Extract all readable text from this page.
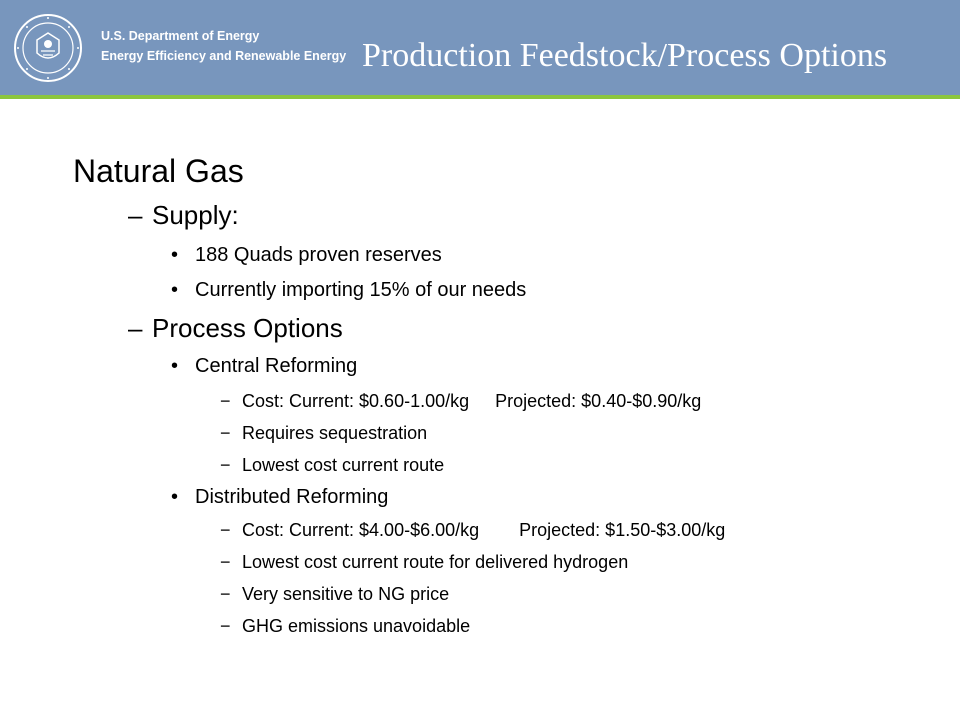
U.S. Department of Energy
Energy Efficiency and Renewable Energy Production Feedstock/Process Options
Natural Gas
– Supply:
• 188 Quads proven reserves
• Currently importing 15% of our needs
– Process Options
• Central Reforming
− Cost: Current: $0.60-1.00/kg Projected: $0.40-$0.90/kg
− Requires sequestration
− Lowest cost current route
• Distributed Reforming
− Cost: Current: $4.00-$6.00/kg Projected: $1.50-$3.00/kg
− Lowest cost current route for delivered hydrogen
− Very sensitive to NG price
− GHG emissions unavoidable
